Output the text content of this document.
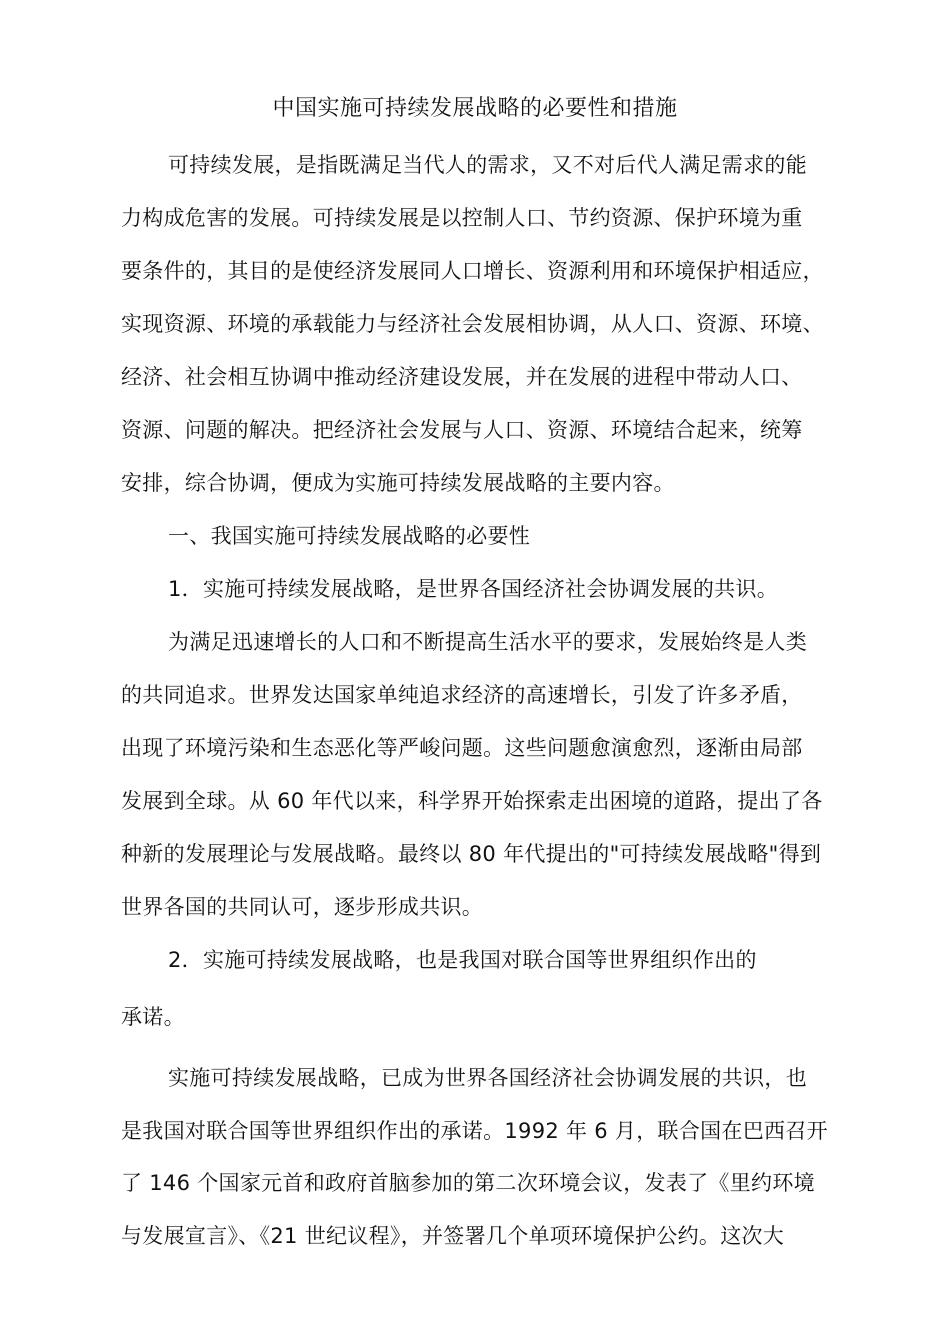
中国实施可持续发展战略的必要性和措施
可持续发展，是指既满足当代人的需求，又不对后代人满足需求的能
力构成危害的发展。可持续发展是以控制人口、节约资源、保护环境为重
要条件的，其目的是使经济发展同人口增长、资源利用和环境保护相适应，
实现资源、环境的承载能力与经济社会发展相协调，从人口、资源、环境、
经济、社会相互协调中推动经济建设发展，并在发展的进程中带动人口、
资源、问题的解决。把经济社会发展与人口、资源、环境结合起来，统筹
安排，综合协调，便成为实施可持续发展战略的主要内容。
一、我国实施可持续发展战略的必要性
1．实施可持续发展战略，是世界各国经济社会协调发展的共识。
为满足迅速增长的人口和不断提高生活水平的要求，发展始终是人类
的共同追求。世界发达国家单纯追求经济的高速增长，引发了许多矛盾，
出现了环境污染和生态恶化等严峻问题。这些问题愈演愈烈，逐渐由局部
发展到全球。从 60 年代以来，科学界开始探索走出困境的道路，提出了各
种新的发展理论与发展战略。最终以 80 年代提出的"可持续发展战略"得到
世界各国的共同认可，逐步形成共识。
2．实施可持续发展战略，也是我国对联合国等世界组织作出的
承诺。
实施可持续发展战略，已成为世界各国经济社会协调发展的共识，也
是我国对联合国等世界组织作出的承诺。1992 年 6 月，联合国在巴西召开
了 146 个国家元首和政府首脑参加的第二次环境会议，发表了《里约环境
与发展宣言》、《21 世纪议程》，并签署几个单项环境保护公约。这次大
